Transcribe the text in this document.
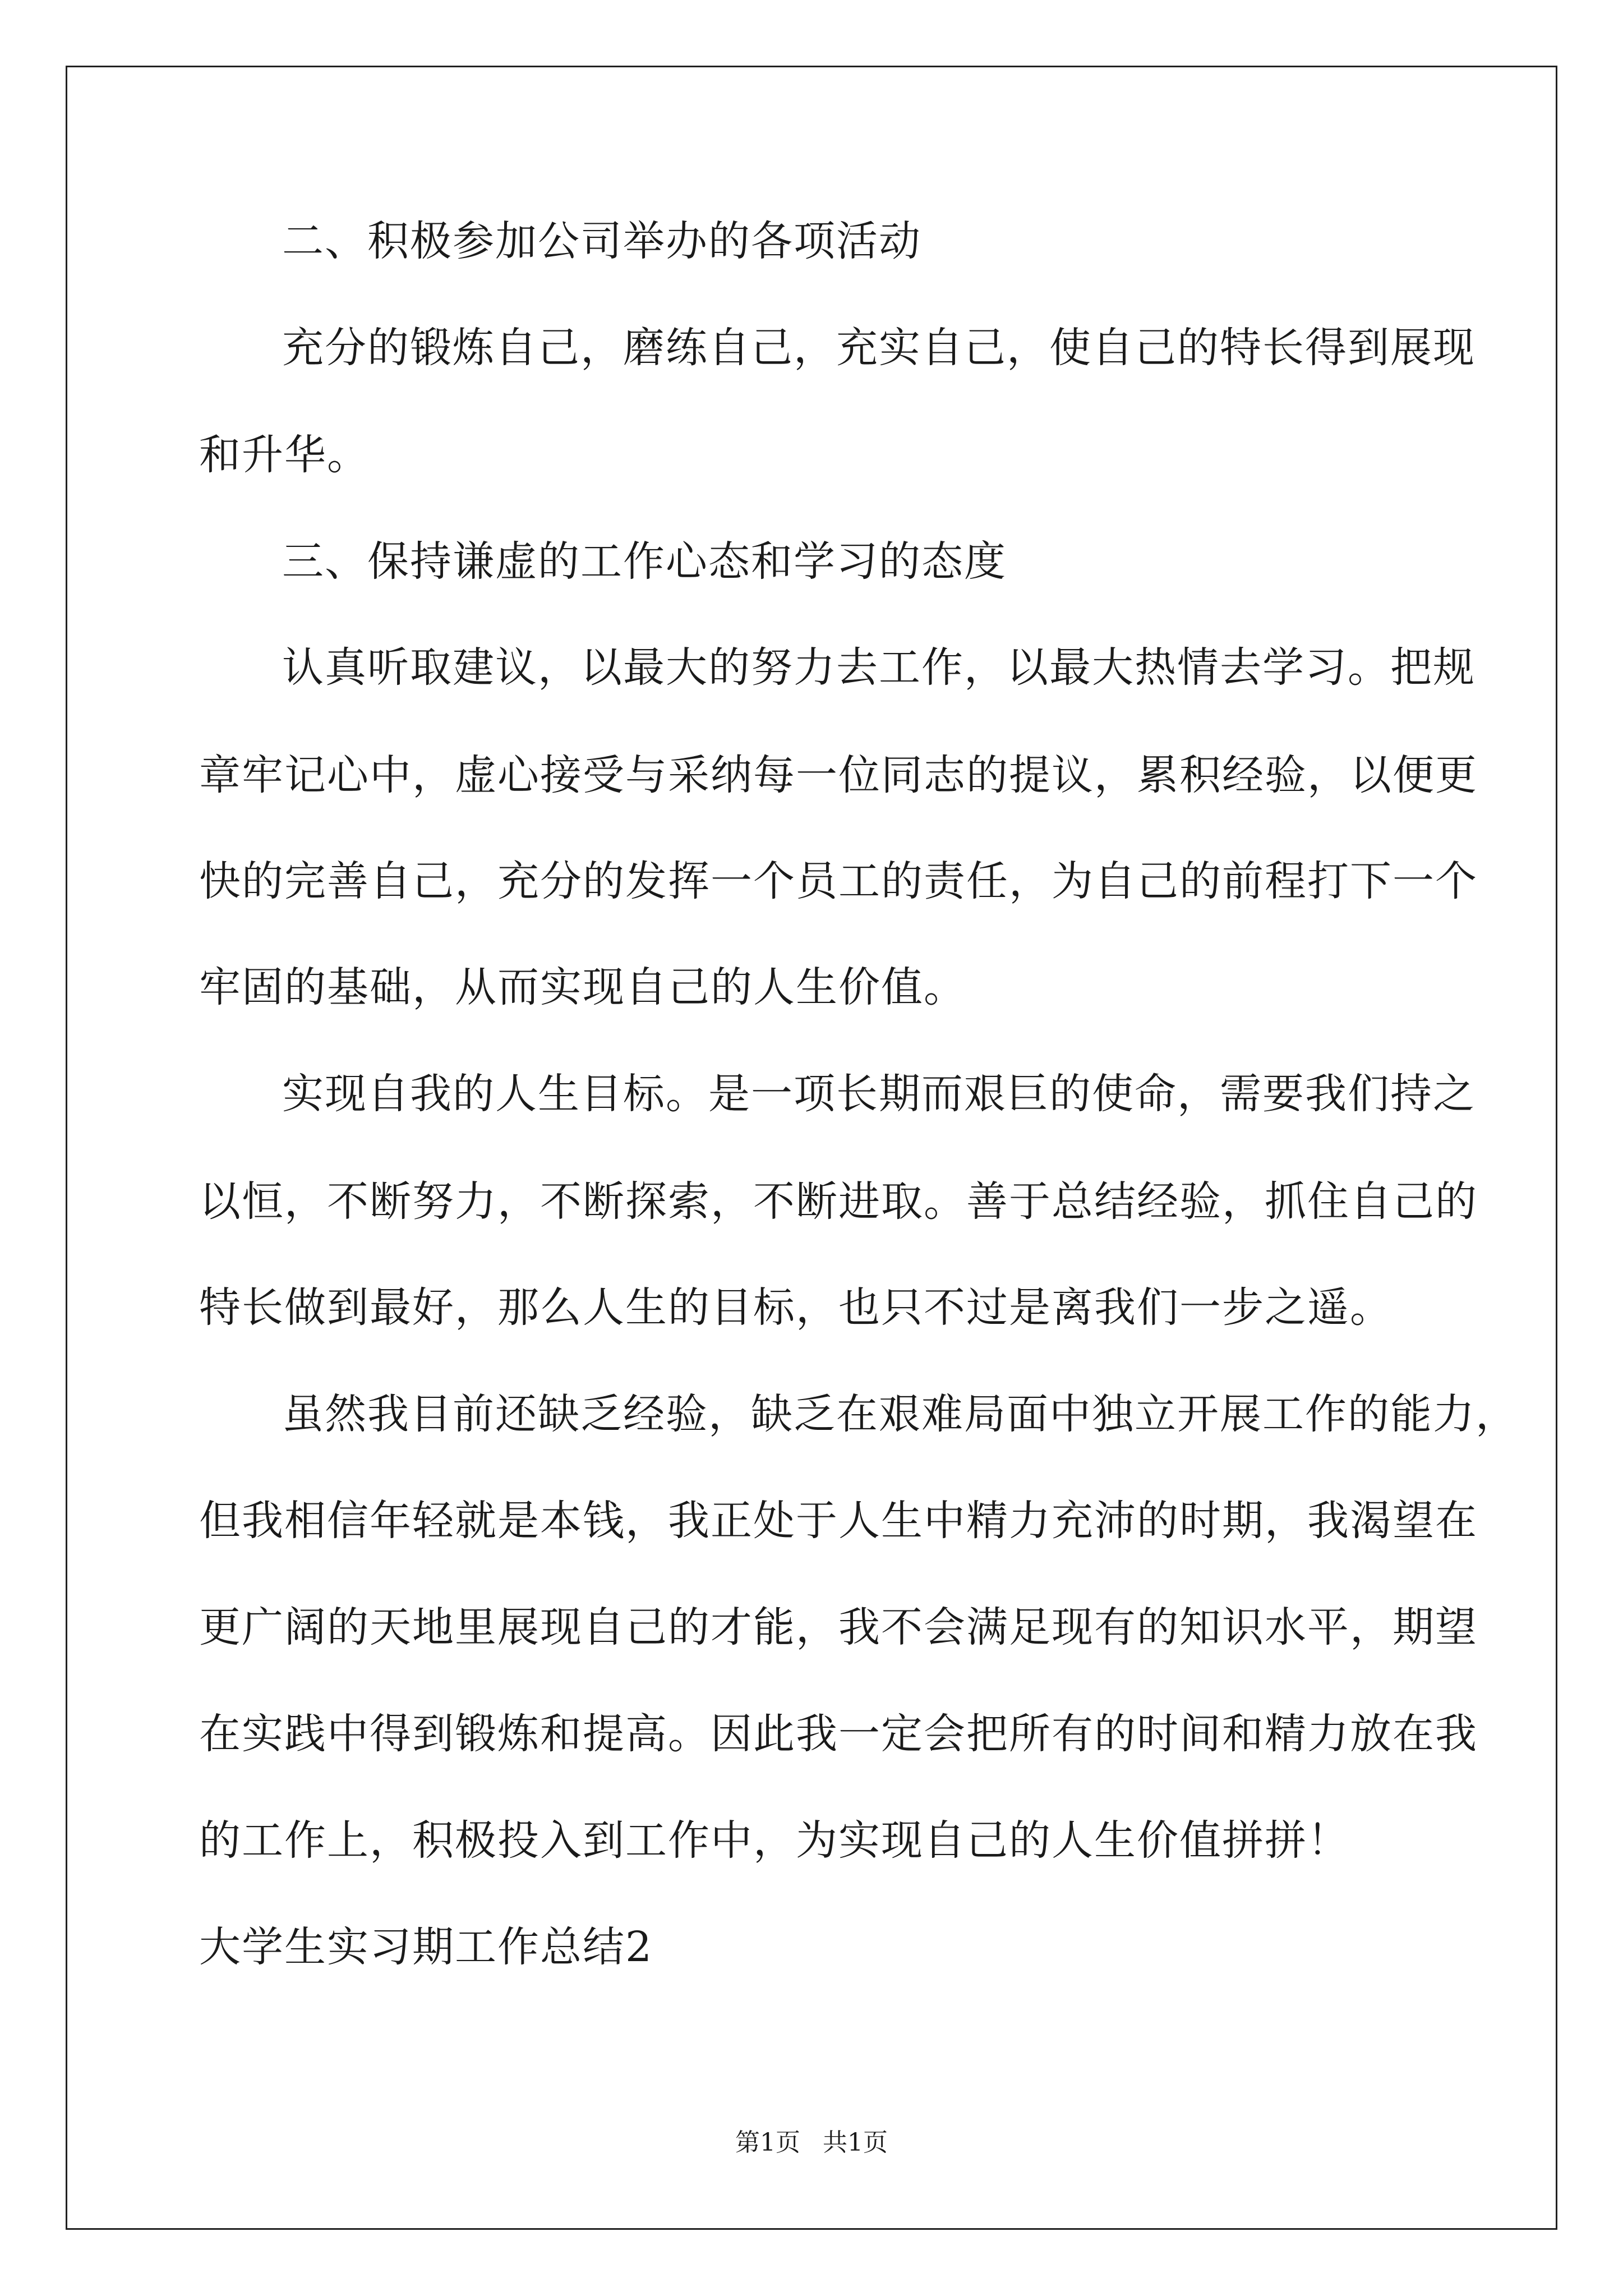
二、积极参加公司举办的各项活动
充分的锻炼自己，磨练自己，充实自己，使自己的特长得到展现
和升华。
三、保持谦虚的工作心态和学习的态度
认真听取建议，以最大的努力去工作，以最大热情去学习。把规
章牢记心中，虚心接受与采纳每一位同志的提议，累积经验，以便更
快的完善自己，充分的发挥一个员工的责任，为自己的前程打下一个
牢固的基础，从而实现自己的人生价值。
实现自我的人生目标。是一项长期而艰巨的使命，需要我们持之
以恒，不断努力，不断探索，不断进取。善于总结经验，抓住自己的
特长做到最好，那么人生的目标，也只不过是离我们一步之遥。
虽然我目前还缺乏经验，缺乏在艰难局面中独立开展工作的能力，
但我相信年轻就是本钱，我正处于人生中精力充沛的时期，我渴望在
更广阔的天地里展现自己的才能，我不会满足现有的知识水平，期望
在实践中得到锻炼和提高。因此我一定会把所有的时间和精力放在我
的工作上，积极投入到工作中，为实现自己的人生价值拼拼！
大学生实习期工作总结2
第1页 共1页
